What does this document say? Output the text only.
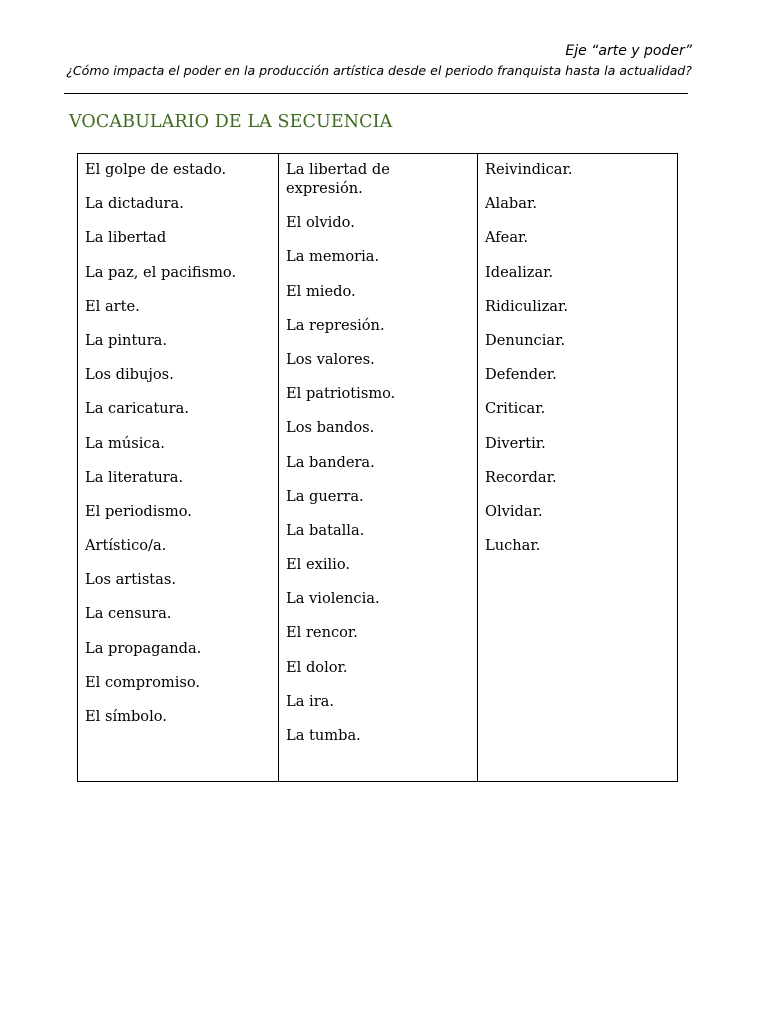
Eje “arte y poder”
¿Cómo impacta el poder en la producción artística desde el periodo franquista hasta la actualidad?
VOCABULARIO DE LA SECUENCIA
El golpe de estado.
La dictadura.
La libertad
La paz, el pacifismo.
El arte.
La pintura.
Los dibujos.
La caricatura.
La música.
La literatura.
El periodismo.
Artístico/a.
Los artistas.
La censura.
La propaganda.
El compromiso.
El símbolo.
La libertad de expresión.
El olvido.
La memoria.
El miedo.
La represión.
Los valores.
El patriotismo.
Los bandos.
La bandera.
La guerra.
La batalla.
El exilio.
La violencia.
El rencor.
El dolor.
La ira.
La tumba.
Reivindicar.
Alabar.
Afear.
Idealizar.
Ridiculizar.
Denunciar.
Defender.
Criticar.
Divertir.
Recordar.
Olvidar.
Luchar.
